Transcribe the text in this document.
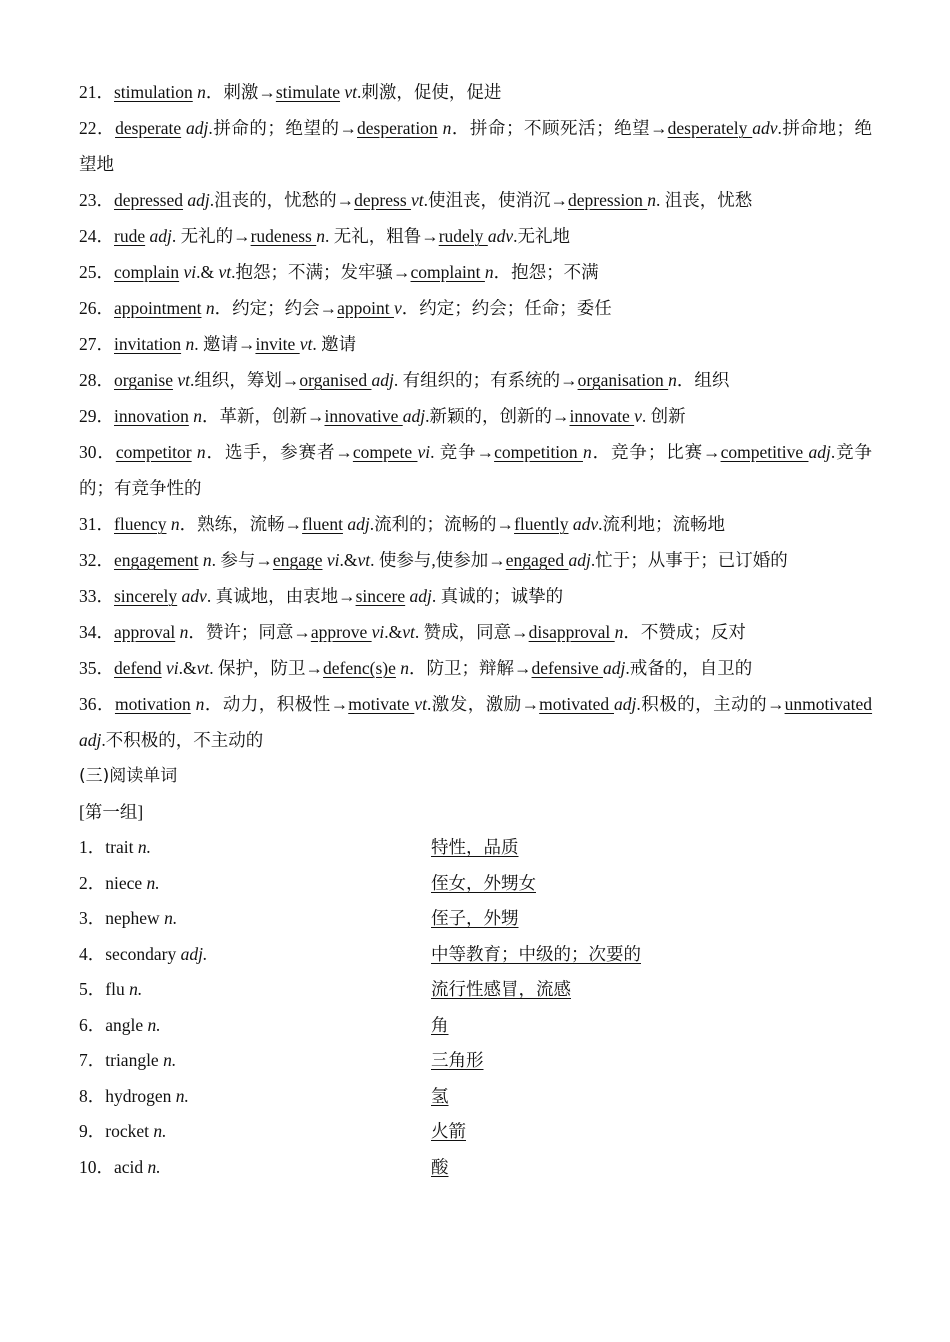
21．stimulation n．刺激→stimulate vt.刺激，促使，促进
22．desperate adj.拼命的；绝望的→desperation n．拼命；不顾死活；绝望→desperately adv.拼命地；绝望地
23．depressed adj.沮丧的，忧愁的→depress vt.使沮丧，使消沉→depression n. 沮丧，忧愁
24．rude adj. 无礼的→rudeness n. 无礼，粗鲁→rudely adv.无礼地
25．complain vi.& vt.抱怨；不满；发牢骚→complaint n．抱怨；不满
26．appointment n．约定；约会→appoint v．约定；约会；任命；委任
27．invitation n. 邀请→invite vt. 邀请
28．organise vt.组织，筹划→organised adj. 有组织的；有系统的→organisation n．组织
29．innovation n．革新，创新→innovative adj.新颖的，创新的→innovate v. 创新
30．competitor n．选手，参赛者→compete vi. 竞争→competition n．竞争；比赛→competitive adj.竞争的；有竞争性的
31．fluency n．熟练，流畅→fluent adj.流利的；流畅的→fluently adv.流利地；流畅地
32．engagement n. 参与→engage vi.&vt. 使参与,使参加→engaged adj.忙于；从事于；已订婚的
33．sincerely adv. 真诚地，由衷地→sincere adj. 真诚的；诚挚的
34．approval n．赞许；同意→approve vi.&vt. 赞成，同意→disapproval n．不赞成；反对
35．defend vi.&vt. 保护，防卫→defenc(s)e n．防卫；辩解→defensive adj.戒备的，自卫的
36．motivation n．动力，积极性→motivate vt.激发，激励→motivated adj.积极的，主动的→unmotivated adj.不积极的，不主动的
(三)阅读单词
[第一组]
1．trait n.	特性，品质
2．niece n.	侄女，外甥女
3．nephew n.	侄子，外甥
4．secondary adj.	中等教育；中级的；次要的
5．flu n.	流行性感冒，流感
6．angle n.	角
7．triangle n.	三角形
8．hydrogen n.	氢
9．rocket n.	火箭
10．acid n.	酸
